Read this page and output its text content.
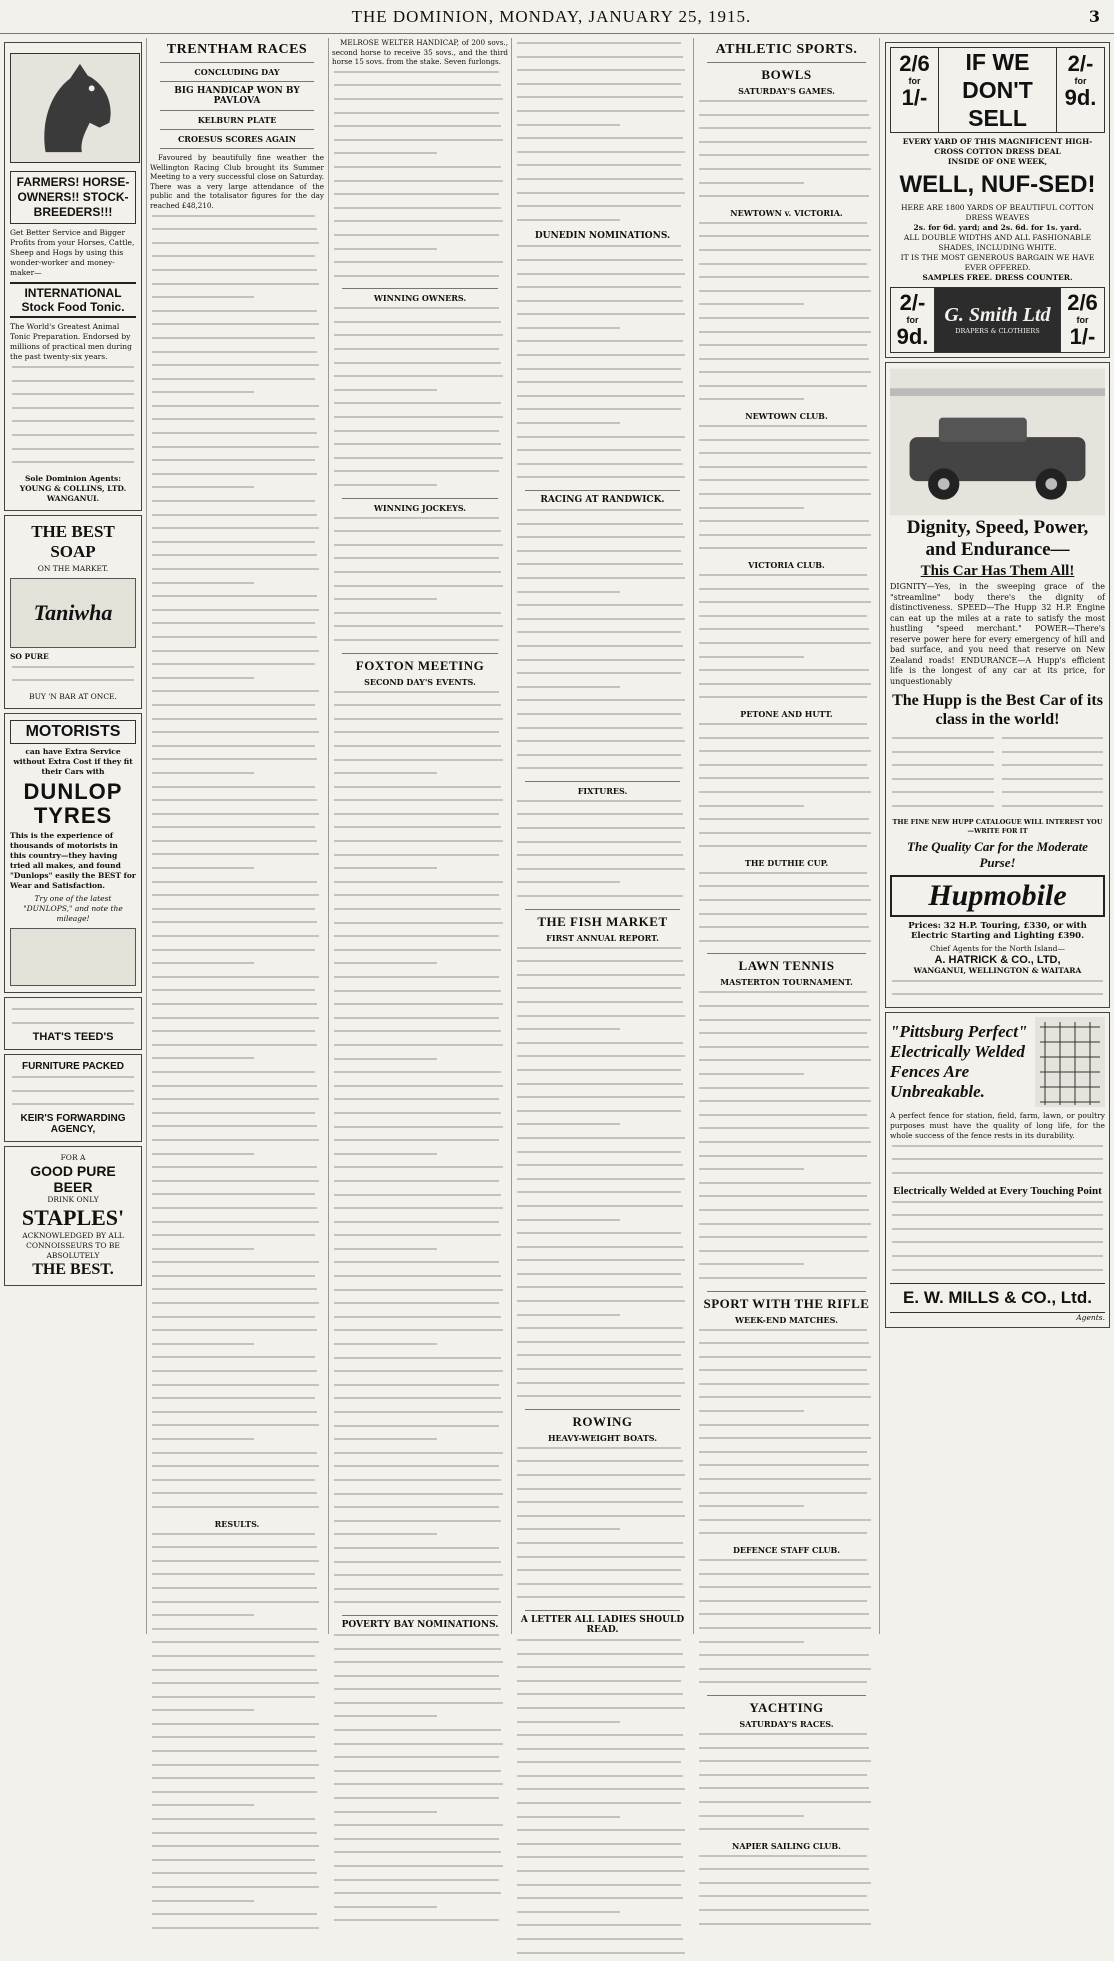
THE DOMINION, MONDAY, JANUARY 25, 1915.	3
FARMERS! HORSE-OWNERS!! STOCK-BREEDERS!!!
Get Better Service and Bigger Profits from your Horses, Cattle, Sheep and Hogs by using this wonder-worker and money-maker—
INTERNATIONAL Stock Food Tonic.
The World's Greatest Animal Tonic Preparation. Endorsed by millions of practical men during the past twenty-six years.
Sole Dominion Agents: YOUNG & COLLINS, LTD. WANGANUI.
THE BEST SOAP
ON THE MARKET.
Taniwha
SO PURE
BUY 'N BAR AT ONCE.
MOTORISTS
can have Extra Service without Extra Cost if they fit their Cars with
DUNLOP TYRES
This is the experience of thousands of motorists in this country—they having tried all makes, and found "Dunlops" easily the BEST for Wear and Satisfaction.
Try one of the latest "DUNLOPS," and note the mileage!
THAT'S TEED'S
FURNITURE PACKED
KEIR'S FORWARDING AGENCY,
FOR A
GOOD PURE BEER
DRINK ONLY
STAPLES'
ACKNOWLEDGED BY ALL CONNOISSEURS TO BE ABSOLUTELY
THE BEST.
TRENTHAM RACES
CONCLUDING DAY
BIG HANDICAP WON BY PAVLOVA
KELBURN PLATE
CROESUS SCORES AGAIN
Favoured by beautifully fine weather the Wellington Racing Club brought its Summer Meeting to a very successful close on Saturday. There was a very large attendance of the public and the totalisator figures for the day reached £48,210.
RESULTS.
MELROSE WELTER HANDICAP, of 200 sovs., second horse to receive 35 sovs., and the third horse 15 sovs. from the stake. Seven furlongs.
WINNING OWNERS.
WINNING JOCKEYS.
FOXTON MEETING
SECOND DAY'S EVENTS.
POVERTY BAY NOMINATIONS.
DUNEDIN NOMINATIONS.
RACING AT RANDWICK.
FIXTURES.
THE FISH MARKET
FIRST ANNUAL REPORT.
ROWING
HEAVY-WEIGHT BOATS.
A LETTER ALL LADIES SHOULD READ.
ATHLETIC SPORTS.
BOWLS
SATURDAY'S GAMES.
NEWTOWN v. VICTORIA.
NEWTOWN CLUB.
VICTORIA CLUB.
PETONE AND HUTT.
THE DUTHIE CUP.
LAWN TENNIS
MASTERTON TOURNAMENT.
SPORT WITH THE RIFLE
WEEK-END MATCHES.
DEFENCE STAFF CLUB.
YACHTING
SATURDAY'S RACES.
NAPIER SAILING CLUB.
2/6
for
1/-
IF WE DON'T SELL
2/-
for
9d.
EVERY YARD OF THIS MAGNIFICENT HIGH-CROSS COTTON DRESS DEAL
INSIDE OF ONE WEEK,
WELL, NUF-SED!
HERE ARE 1800 YARDS OF BEAUTIFUL COTTON DRESS WEAVES
2s. for 6d. yard; and 2s. 6d. for 1s. yard.
ALL DOUBLE WIDTHS AND ALL FASHIONABLE SHADES, INCLUDING WHITE.
IT IS THE MOST GENEROUS BARGAIN WE HAVE EVER OFFERED.
SAMPLES FREE. DRESS COUNTER.
2/-
for
9d.
G. Smith Ltd
DRAPERS & CLOTHIERS
2/6
for
1/-
Dignity, Speed, Power, and Endurance—
This Car Has Them All!
DIGNITY—Yes, in the sweeping grace of the "streamline" body there's the dignity of distinctiveness. SPEED—The Hupp 32 H.P. Engine can eat up the miles at a rate to satisfy the most hustling "speed merchant." POWER—There's reserve power here for every emergency of hill and bad surface, and you need that reserve on New Zealand roads! ENDURANCE—A Hupp's efficient life is the longest of any car at its price, for unquestionably
The Hupp is the Best Car of its class in the world!
THE FINE NEW HUPP CATALOGUE WILL INTEREST YOU—WRITE FOR IT
The Quality Car for the Moderate Purse!
Hupmobile
Prices: 32 H.P. Touring, £330, or with Electric Starting and Lighting £390.
Chief Agents for the North Island—
A. HATRICK & CO., LTD,
WANGANUI, WELLINGTON & WAITARA
"Pittsburg Perfect" Electrically Welded Fences Are Unbreakable.
A perfect fence for station, field, farm, lawn, or poultry purposes must have the quality of long life, for the whole success of the fence rests in its durability.
Electrically Welded at Every Touching Point
E. W. MILLS & CO., Ltd.
Agents.
